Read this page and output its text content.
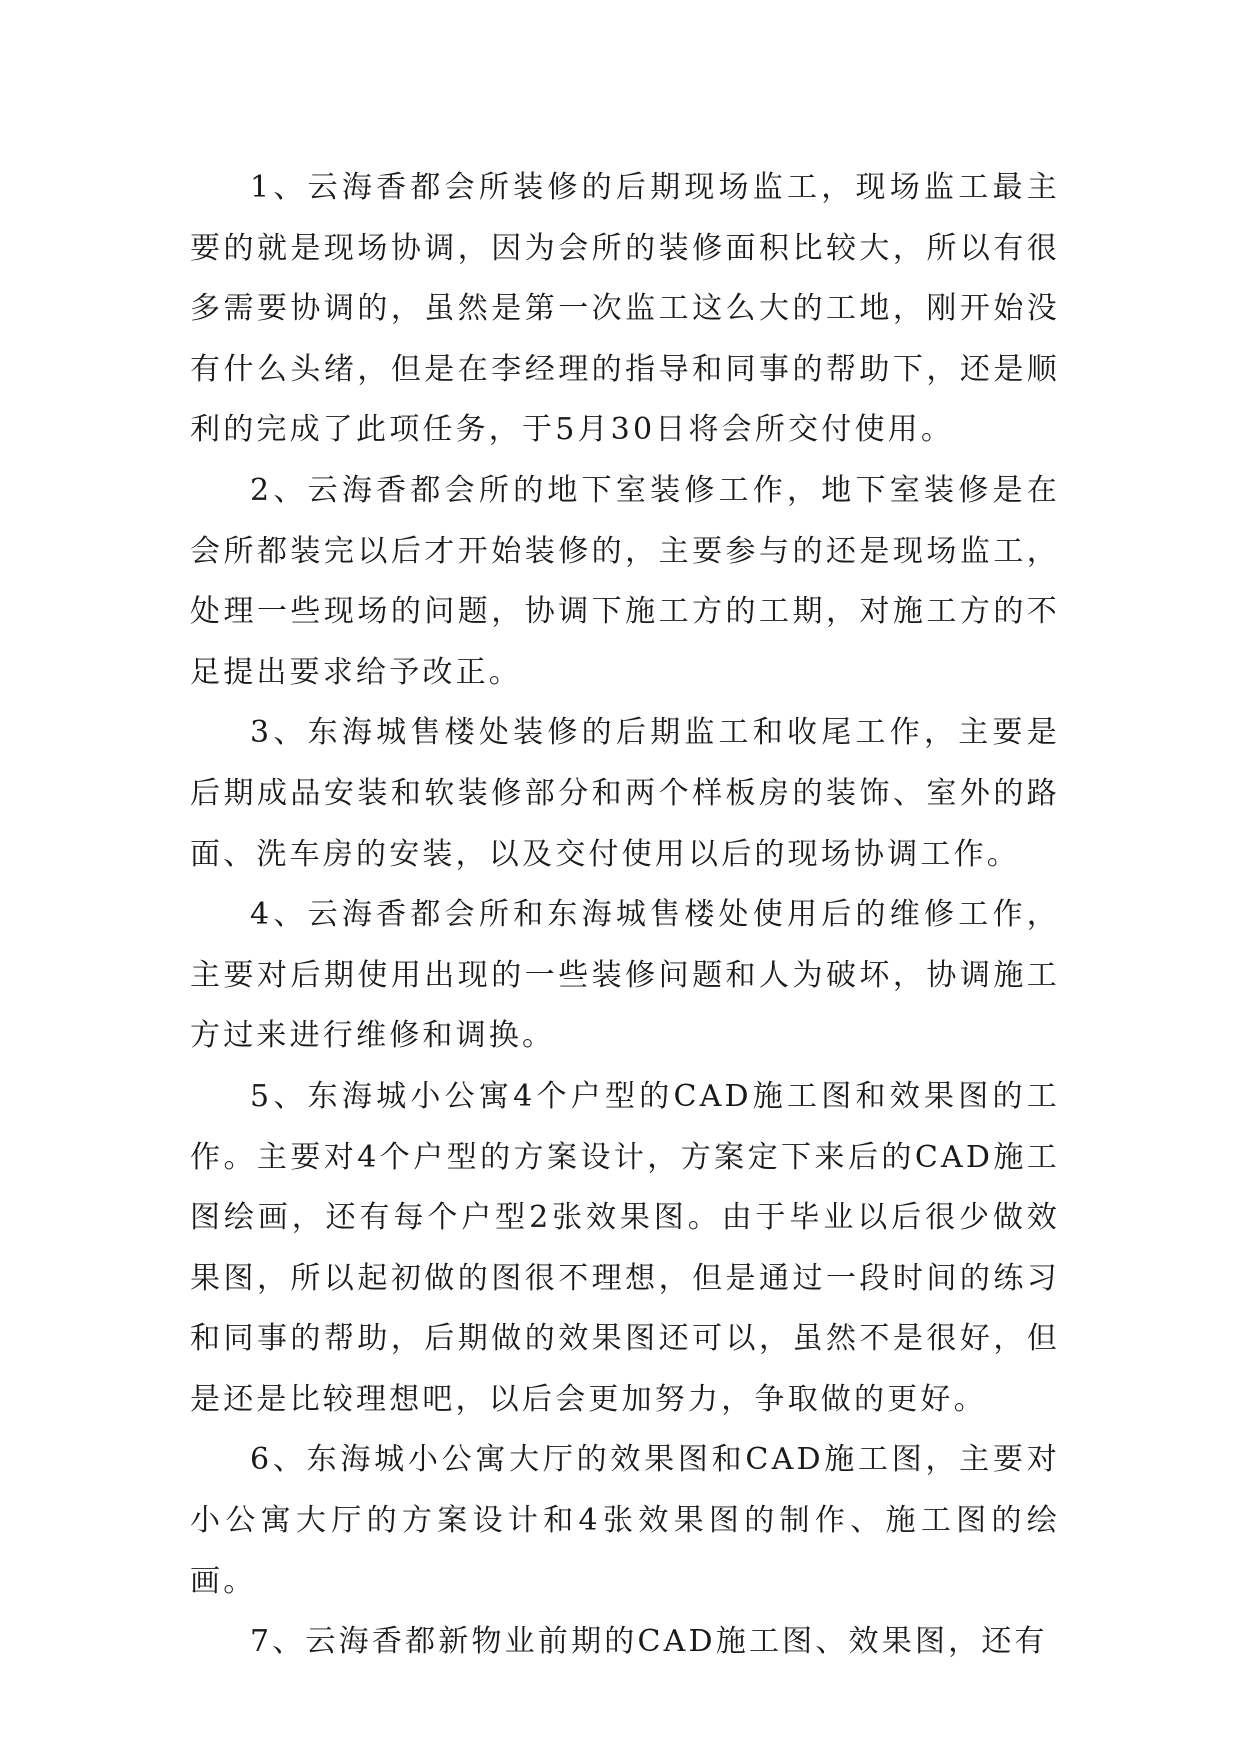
1、云海香都会所装修的后期现场监工，现场监工最主要的就是现场协调，因为会所的装修面积比较大，所以有很多需要协调的，虽然是第一次监工这么大的工地，刚开始没有什么头绪，但是在李经理的指导和同事的帮助下，还是顺利的完成了此项任务，于5月30日将会所交付使用。

2、云海香都会所的地下室装修工作，地下室装修是在会所都装完以后才开始装修的，主要参与的还是现场监工，处理一些现场的问题，协调下施工方的工期，对施工方的不足提出要求给予改正。

3、东海城售楼处装修的后期监工和收尾工作，主要是后期成品安装和软装修部分和两个样板房的装饰、室外的路面、洗车房的安装，以及交付使用以后的现场协调工作。

4、云海香都会所和东海城售楼处使用后的维修工作，主要对后期使用出现的一些装修问题和人为破坏，协调施工方过来进行维修和调换。

5、东海城小公寓4个户型的CAD施工图和效果图的工作。主要对4个户型的方案设计，方案定下来后的CAD施工图绘画，还有每个户型2张效果图。由于毕业以后很少做效果图，所以起初做的图很不理想，但是通过一段时间的练习和同事的帮助，后期做的效果图还可以，虽然不是很好，但是还是比较理想吧，以后会更加努力，争取做的更好。

6、东海城小公寓大厅的效果图和CAD施工图，主要对小公寓大厅的方案设计和4张效果图的制作、施工图的绘画。

7、云海香都新物业前期的CAD施工图、效果图，还有
